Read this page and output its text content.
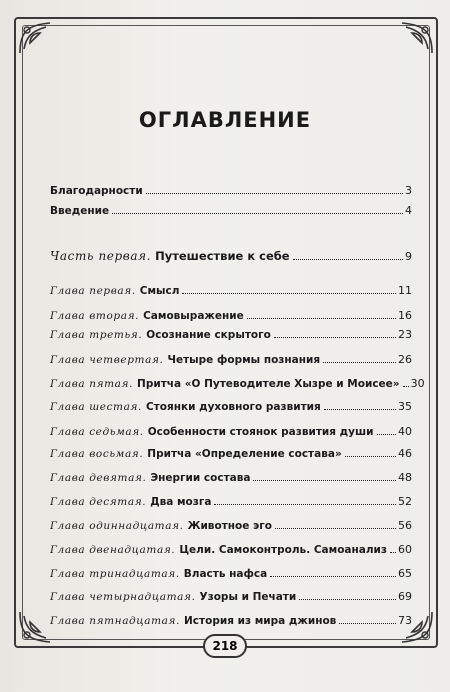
ОГЛАВЛЕНИЕ
Благодарности	3
Введение	4
Часть первая. Путешествие к себе	9
Глава первая. Смысл	11
Глава вторая. Самовыражение	16
Глава третья. Осознание скрытого	23
Глава четвертая. Четыре формы познания	26
Глава пятая. Притча «О Путеводителе Хызре и Моисее» 30
Глава шестая. Стоянки духовного развития	35
Глава седьмая. Особенности стоянок развития души 40
Глава восьмая. Притча «Определение состава»	46
Глава девятая. Энергии состава	48
Глава десятая. Два мозга	52
Глава одиннадцатая. Животное эго	56
Глава двенадцатая. Цели. Самоконтроль. Самоанализ 60
Глава тринадцатая. Власть нафса	65
Глава четырнадцатая. Узоры и Печати	69
Глава пятнадцатая. История из мира джинов	73
218
